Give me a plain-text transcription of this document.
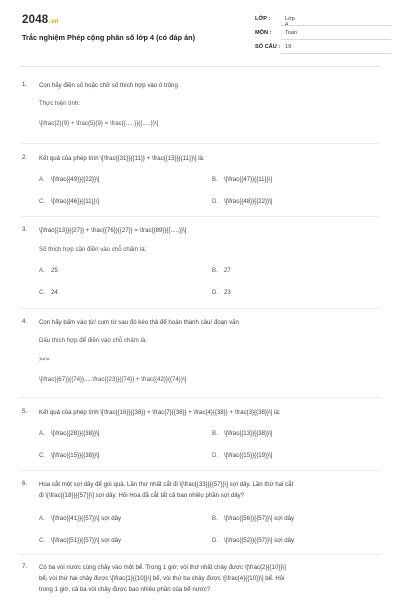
2048.vn
Trắc nghiệm Phép cộng phân số lớp 4 (có đáp án)
LỚP :	Lớp 4
MÔN :	Toán
SỐ CÂU : 19
1. Con hãy điền số hoặc chữ số thích hợp vào ô trống
Thực hiện tính:
\[\frac{2}{9} + \frac{5}{9} = \frac{{.....}}{{.....}}\]
2. Kết quả của phép tính \[\frac{{31}}{{11}} + \frac{{15}}{{11}}\] là:
A. \[\frac{{49}}{{22}}\]	B. \[\frac{{47}}{{11}}\]
C. \[\frac{{46}}{{11}}\]	D. \[\frac{{48}}{{22}}\]
3. \[\frac{{13}}{{27}} + \frac{{76}}{{27}} = \frac{{89}}{{.....}}\]
Số thích hợp cần điền vào chỗ chấm là:
A. 25	B. 27
C. 24	D. 23
4. Con hãy bấm vào từ/ cụm từ sau đó kéo thả để hoàn thành câu/ đoạn văn
Dấu thích hợp để điền vào chỗ chấm là:
><=
\[\frac{{67}}{{74}}.....\frac{{23}}{{74}} + \frac{{42}}{{74}}\]
5. Kết quả của phép tính \[\frac{{16}}{{38}} + \frac{7}{{38}} + \frac{4}{{38}} + \frac{3}{{38}}\] là:
A. \[\frac{{28}}{{38}}\]	B. \[\frac{{13}}{{38}}\]
C. \[\frac{{15}}{{38}}\]	D. \[\frac{{15}}{{19}}\]
6. Hoa cắt một sợi dây để gói quà. Lần thứ nhất cắt đi \[\frac{{33}}{{57}}\] sợi dây. Lần thứ hai cắt
đi \[\frac{{18}}{{57}}\] sợi dây. Hỏi Hoa đã cắt tất cả bao nhiêu phần sợi dây?
A. \[\frac{{41}}{{57}}\] sợi dây	B. \[\frac{{56}}{{57}}\] sợi dây
C. \[\frac{{51}}{{57}}\] sợi dây	D. \[\frac{{52}}{{57}}\] sợi dây
7. Có ba vòi nước cùng chảy vào một bể. Trong 1 giờ, vòi thứ nhất chảy được \[\frac{2}{{10}}\]
bể, vòi thứ hai chảy được \[\frac{1}{{10}}\] bể, vòi thứ ba chảy được \[\frac{4}{{10}}\] bể. Hỏi
trong 1 giờ, cả ba vòi chảy được bao nhiêu phần của bể nước?
